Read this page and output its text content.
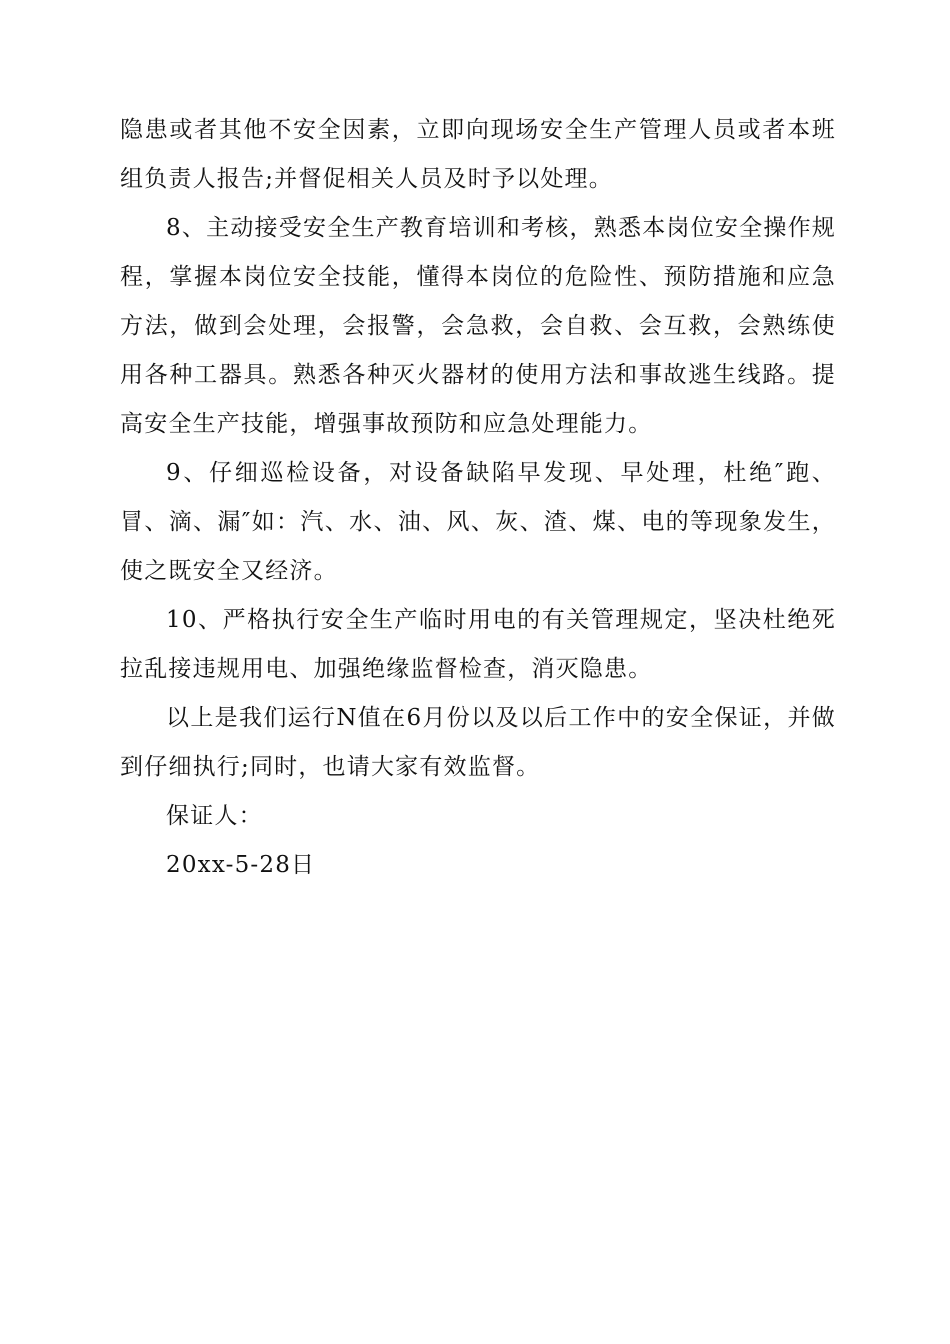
隐患或者其他不安全因素，立即向现场安全生产管理人员或者本班组负责人报告;并督促相关人员及时予以处理。

8、主动接受安全生产教育培训和考核，熟悉本岗位安全操作规程，掌握本岗位安全技能，懂得本岗位的危险性、预防措施和应急方法，做到会处理，会报警，会急救，会自救、会互救，会熟练使用各种工器具。熟悉各种灭火器材的使用方法和事故逃生线路。提高安全生产技能，增强事故预防和应急处理能力。

9、仔细巡检设备，对设备缺陷早发现、早处理，杜绝″跑、冒、滴、漏″如：汽、水、油、风、灰、渣、煤、电的等现象发生，使之既安全又经济。

10、严格执行安全生产临时用电的有关管理规定，坚决杜绝死拉乱接违规用电、加强绝缘监督检查，消灭隐患。

以上是我们运行N值在6月份以及以后工作中的安全保证，并做到仔细执行;同时，也请大家有效监督。

保证人：

20xx-5-28日
